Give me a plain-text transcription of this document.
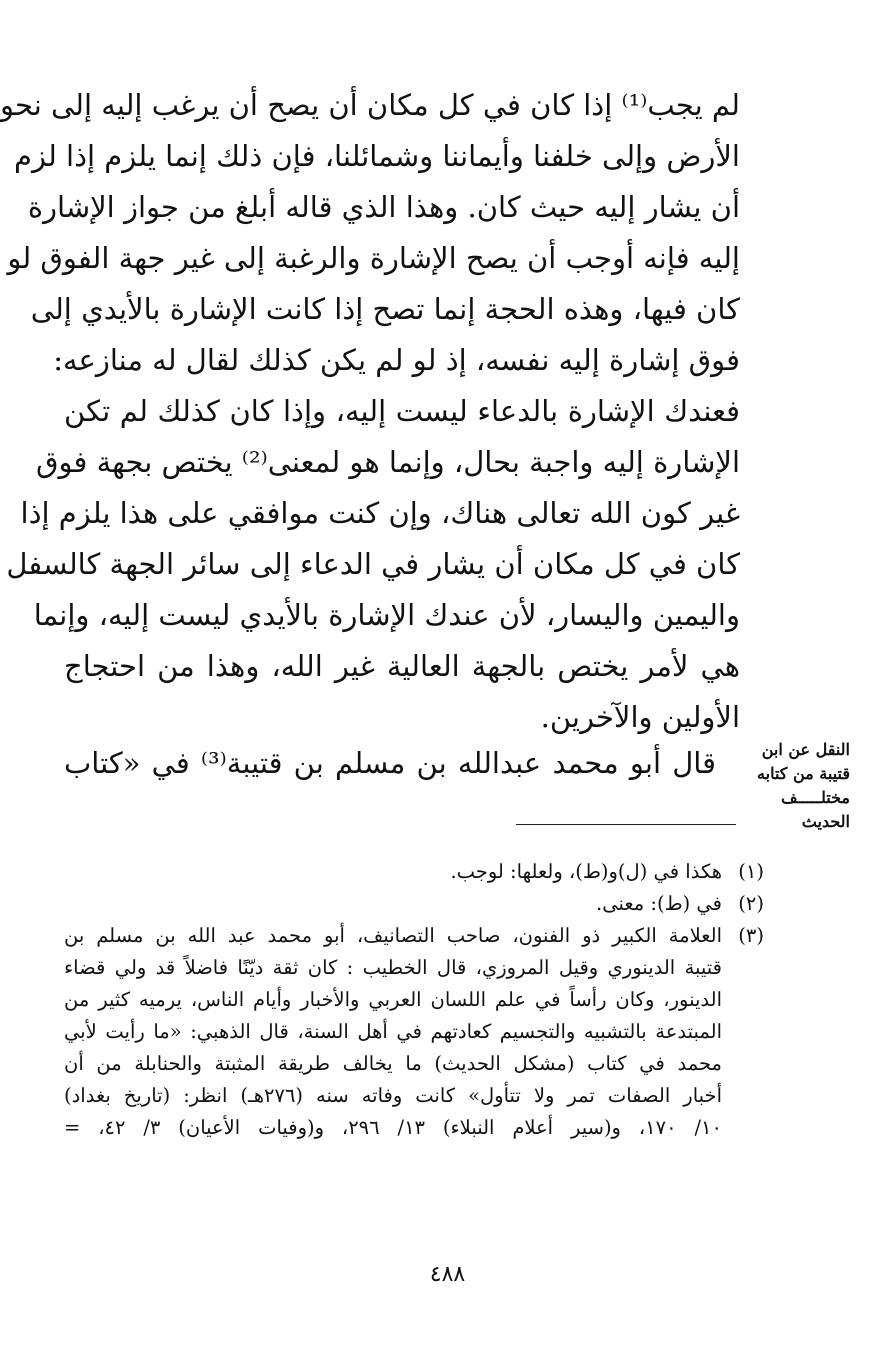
لم يجب⁽¹⁾ إذا كان في كل مكان أن يصح أن يرغب إليه إلى نحو
الأرض وإلى خلفنا وأيماننا وشمائلنا، فإن ذلك إنما يلزم إذا لزم
أن يشار إليه حيث كان. وهذا الذي قاله أبلغ من جواز الإشارة
إليه فإنه أوجب أن يصح الإشارة والرغبة إلى غير جهة الفوق لو
كان فيها، وهذه الحجة إنما تصح إذا كانت الإشارة بالأيدي إلى
فوق إشارة إليه نفسه، إذ لو لم يكن كذلك لقال له منازعه:
فعندك الإشارة بالدعاء ليست إليه، وإذا كان كذلك لم تكن
الإشارة إليه واجبة بحال، وإنما هو لمعنى⁽²⁾ يختص بجهة فوق
غير كون الله تعالى هناك، وإن كنت موافقي على هذا يلزم إذا
كان في كل مكان أن يشار في الدعاء إلى سائر الجهة كالسفل
واليمين واليسار، لأن عندك الإشارة بالأيدي ليست إليه، وإنما
هي لأمر يختص بالجهة العالية غير الله، وهذا من احتجاج
الأولين والآخرين.
قال أبو محمد عبدالله بن مسلم بن قتيبة⁽³⁾ في «كتاب	النقل عن ابن
قتيبة من كتابه
مختلـــــف
الحديث
(١)
هكذا في (ل)و(ط)، ولعلها: لوجب.
(٢)
في (ط): معنى.
(٣)
العلامة الكبير ذو الفنون، صاحب التصانيف، أبو محمد عبد الله بن مسلم بن
قتيبة الدينوري وقيل المروزي، قال الخطيب : كان ثقة ديّنًا فاضلاً قد ولي قضاء
الدينور، وكان رأساً في علم اللسان العربي والأخبار وأيام الناس، يرميه كثير من
المبتدعة بالتشبيه والتجسيم كعادتهم في أهل السنة، قال الذهبي: «ما رأيت لأبي
محمد في كتاب (مشكل الحديث) ما يخالف طريقة المثبتة والحنابلة من أن
أخبار الصفات تمر ولا تتأول» كانت وفاته سنه (٢٧٦هـ) انظر: (تاريخ بغداد)
١٠/ ١٧٠، و(سير أعلام النبلاء) ١٣/ ٢٩٦، و(وفيات الأعيان) ٣/ ٤٢، =
٤٨٨
